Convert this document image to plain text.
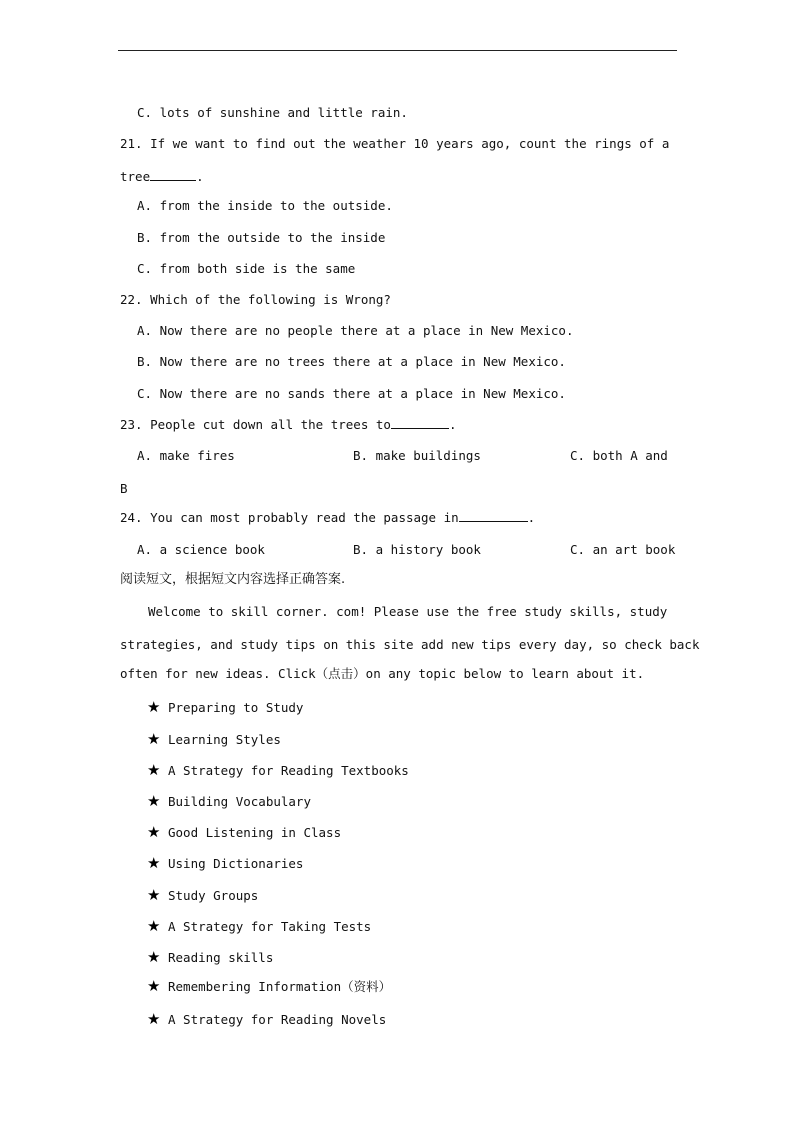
C. lots of sunshine and little rain.
21. If we want to find out the weather 10 years ago, count the rings of a
tree	.
A. from the inside to the outside.
B. from the outside to the inside
C. from both side is the same
22. Which of the following is Wrong?
A. Now there are no people there at a place in New Mexico.
B. Now there are no trees there at a place in New Mexico.
C. Now there are no sands there at a place in New Mexico.
23. People cut down all the trees to	.
A. make fires	B. make buildings	C. both A and
B
24. You can most probably read the passage in	.
A. a science book	B. a history book	C. an art book
阅读短文，根据短文内容选择正确答案.
Welcome to skill corner. com! Please use the free study skills, study
strategies, and study tips on this site add new tips every day, so check back
often for new ideas. Click（点击）on any topic below to learn about it.
★ Preparing to Study
★ Learning Styles
★ A Strategy for Reading Textbooks
★ Building Vocabulary
★ Good Listening in Class
★ Using Dictionaries
★ Study Groups
★ A Strategy for Taking Tests
★ Reading skills
★ Remembering Information（资料）
★ A Strategy for Reading Novels
